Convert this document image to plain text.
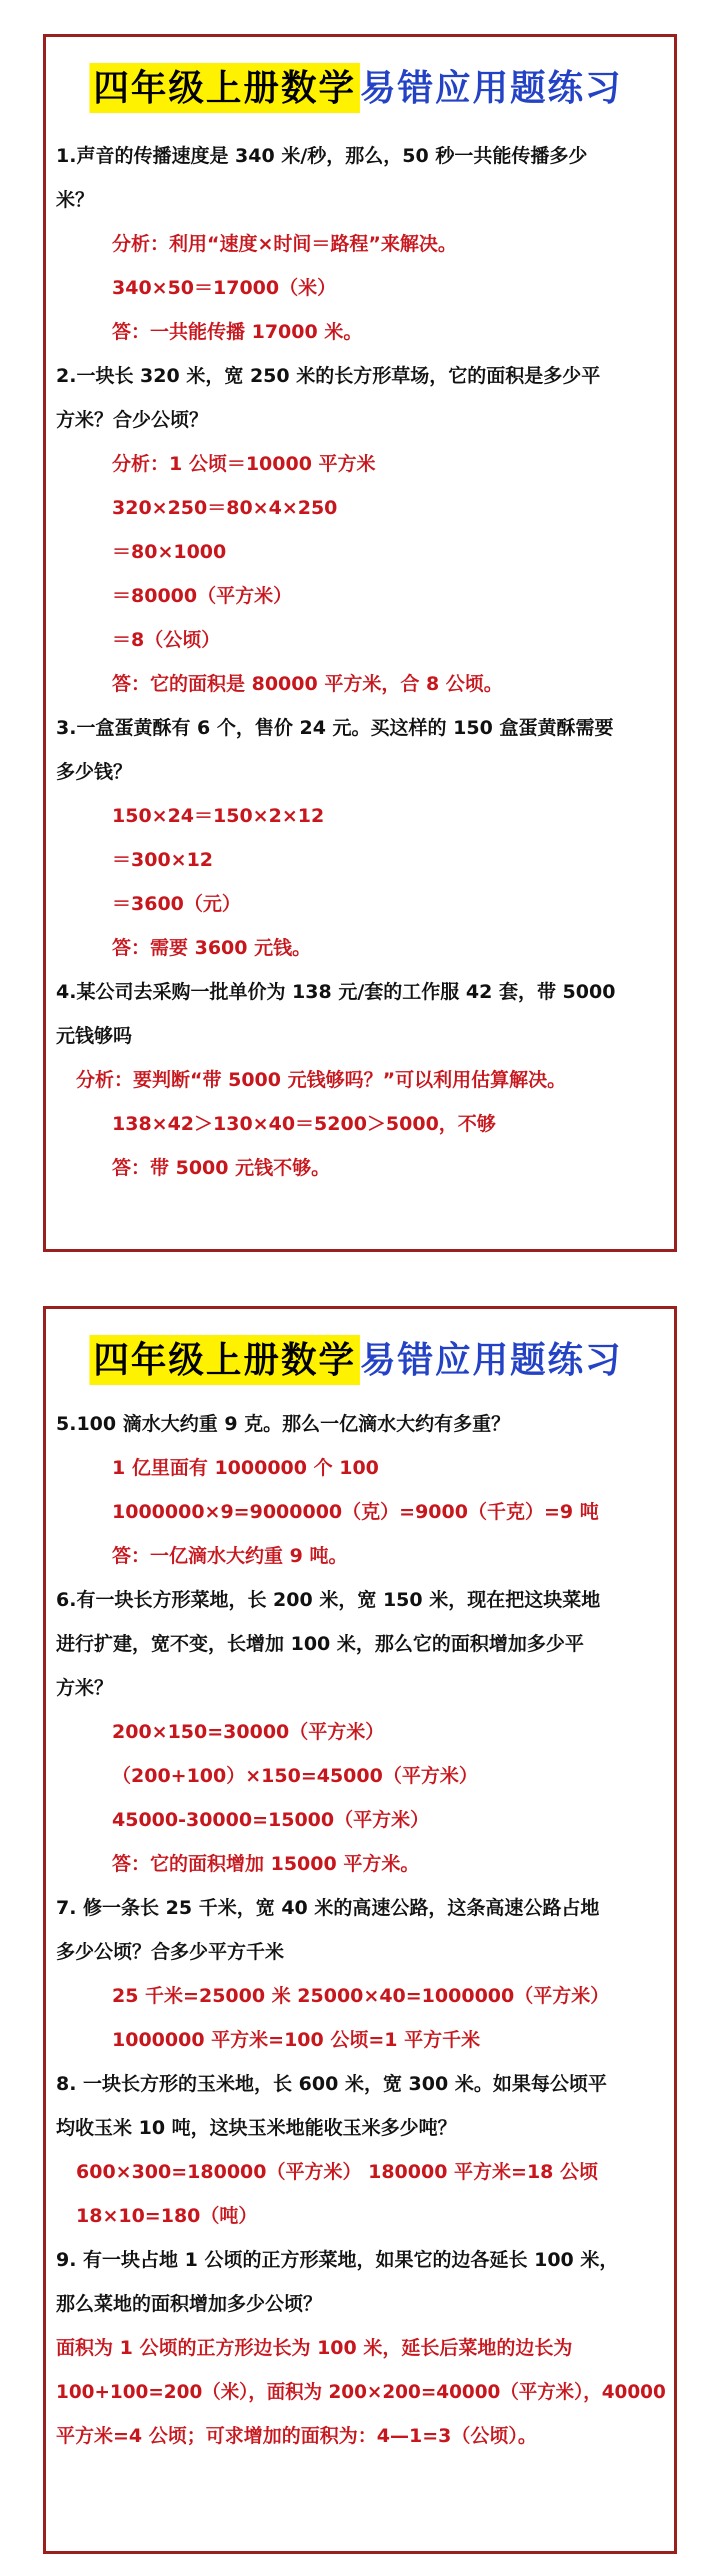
四年级上册数学 易错应用题练习
1.声音的传播速度是 340 米/秒，那么，50 秒一共能传播多少
米？
分析：利用“速度×时间＝路程”来解决。
340×50＝17000（米）
答：一共能传播 17000 米。
2.一块长 320 米，宽 250 米的长方形草场，它的面积是多少平
方米？合少公顷？
分析：1 公顷＝10000 平方米
320×250＝80×4×250
＝80×1000
＝80000（平方米）
＝8（公顷）
答：它的面积是 80000 平方米，合 8 公顷。
3.一盒蛋黄酥有 6 个，售价 24 元。买这样的 150 盒蛋黄酥需要
多少钱？
150×24＝150×2×12
＝300×12
＝3600（元）
答：需要 3600 元钱。
4.某公司去采购一批单价为 138 元/套的工作服 42 套，带 5000
元钱够吗
分析：要判断“带 5000 元钱够吗？”可以利用估算解决。
138×42＞130×40＝5200＞5000，不够
答：带 5000 元钱不够。
四年级上册数学 易错应用题练习
5.100 滴水大约重 9 克。那么一亿滴水大约有多重？
1 亿里面有 1000000 个 100
1000000×9=9000000（克）=9000（千克）=9 吨
答：一亿滴水大约重 9 吨。
6.有一块长方形菜地，长 200 米，宽 150 米，现在把这块菜地
进行扩建，宽不变，长增加 100 米，那么它的面积增加多少平
方米？
200×150=30000（平方米）
（200+100）×150=45000（平方米）
45000-30000=15000（平方米）
答：它的面积增加 15000 平方米。
7. 修一条长 25 千米，宽 40 米的高速公路，这条高速公路占地
多少公顷？合多少平方千米
25 千米=25000 米 25000×40=1000000（平方米）
1000000 平方米=100 公顷=1 平方千米
8. 一块长方形的玉米地，长 600 米，宽 300 米。如果每公顷平
均收玉米 10 吨，这块玉米地能收玉米多少吨？
600×300=180000（平方米） 180000 平方米=18 公顷
18×10=180（吨）
9. 有一块占地 1 公顷的正方形菜地，如果它的边各延长 100 米，
那么菜地的面积增加多少公顷？
面积为 1 公顷的正方形边长为 100 米，延长后菜地的边长为
100+100=200（米），面积为 200×200=40000（平方米），40000
平方米=4 公顷；可求增加的面积为：4—1=3（公顷）。
